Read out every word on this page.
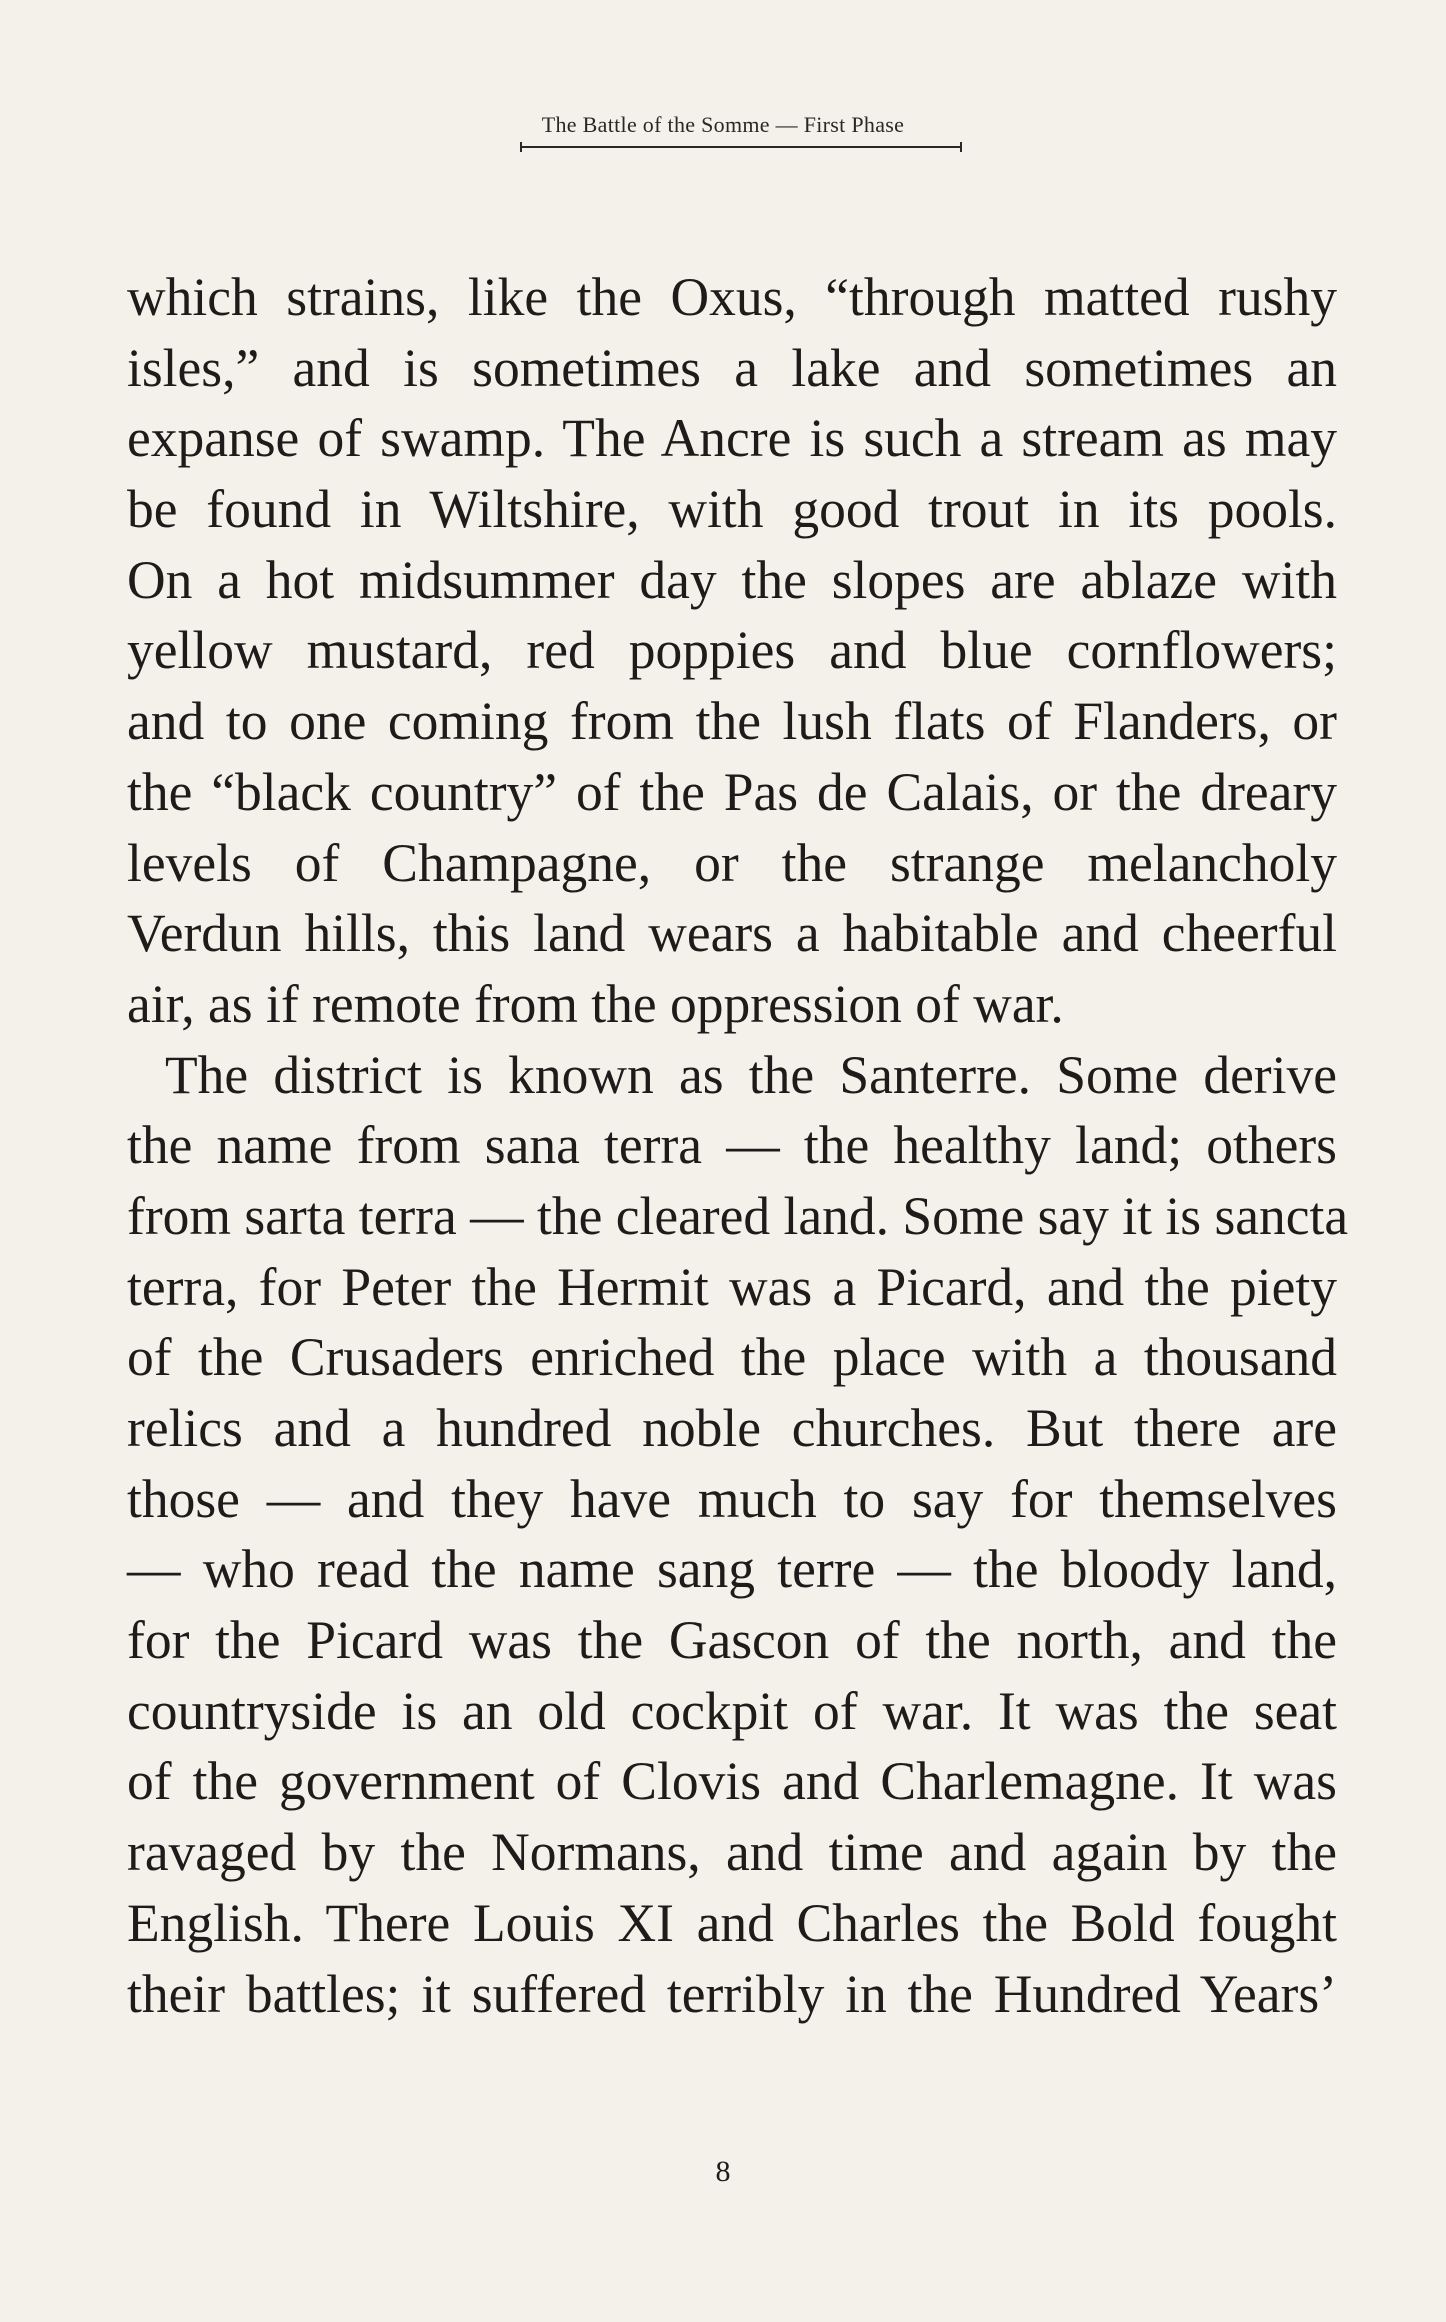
The Battle of the Somme — First Phase
which strains, like the Oxus, “through matted rushy
isles,” and is sometimes a lake and sometimes an
expanse of swamp. The Ancre is such a stream as may
be found in Wiltshire, with good trout in its pools.
On a hot midsummer day the slopes are ablaze with
yellow mustard, red poppies and blue cornflowers;
and to one coming from the lush flats of Flanders, or
the “black country” of the Pas de Calais, or the dreary
levels of Champagne, or the strange melancholy
Verdun hills, this land wears a habitable and cheerful
air, as if remote from the oppression of war.
The district is known as the Santerre. Some derive
the name from sana terra — the healthy land; others
from sarta terra — the cleared land. Some say it is sancta
terra, for Peter the Hermit was a Picard, and the piety
of the Crusaders enriched the place with a thousand
relics and a hundred noble churches. But there are
those — and they have much to say for themselves
— who read the name sang terre — the bloody land,
for the Picard was the Gascon of the north, and the
countryside is an old cockpit of war. It was the seat
of the government of Clovis and Charlemagne. It was
ravaged by the Normans, and time and again by the
English. There Louis XI and Charles the Bold fought
their battles; it suffered terribly in the Hundred Years’
8
